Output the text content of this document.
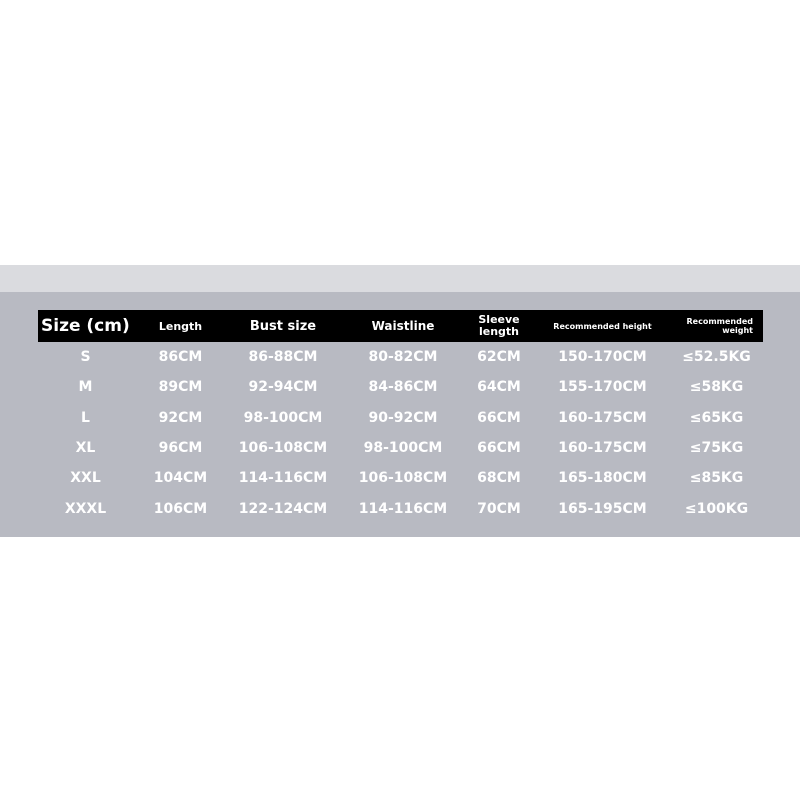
Size (cm)	Length	Bust size	Waistline	Sleeve length	Recommended height	Recommended weight
S	86CM	86-88CM	80-82CM	62CM	150-170CM	≤52.5KG
M	89CM	92-94CM	84-86CM	64CM	155-170CM	≤58KG
L	92CM	98-100CM	90-92CM	66CM	160-175CM	≤65KG
XL	96CM	106-108CM	98-100CM	66CM	160-175CM	≤75KG
XXL	104CM	114-116CM	106-108CM	68CM	165-180CM	≤85KG
XXXL	106CM	122-124CM	114-116CM	70CM	165-195CM	≤100KG
